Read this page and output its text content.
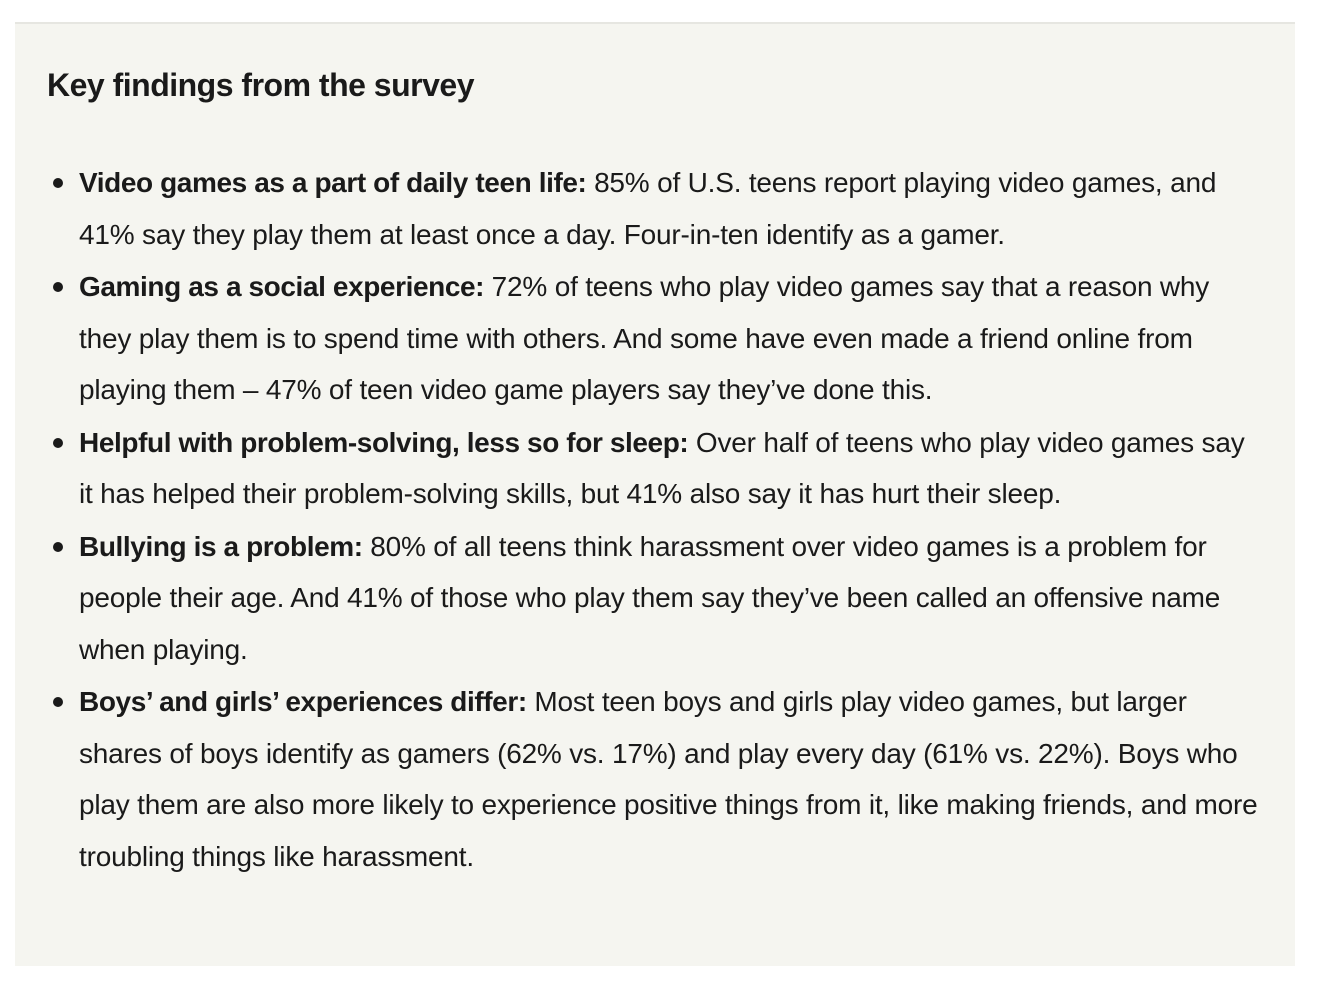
Key findings from the survey
Video games as a part of daily teen life: 85% of U.S. teens report playing video games, and 41% say they play them at least once a day. Four-in-ten identify as a gamer.
Gaming as a social experience: 72% of teens who play video games say that a reason why they play them is to spend time with others. And some have even made a friend online from playing them – 47% of teen video game players say they’ve done this.
Helpful with problem-solving, less so for sleep: Over half of teens who play video games say it has helped their problem-solving skills, but 41% also say it has hurt their sleep.
Bullying is a problem: 80% of all teens think harassment over video games is a problem for people their age. And 41% of those who play them say they’ve been called an offensive name when playing.
Boys’ and girls’ experiences differ: Most teen boys and girls play video games, but larger shares of boys identify as gamers (62% vs. 17%) and play every day (61% vs. 22%). Boys who play them are also more likely to experience positive things from it, like making friends, and more troubling things like harassment.
